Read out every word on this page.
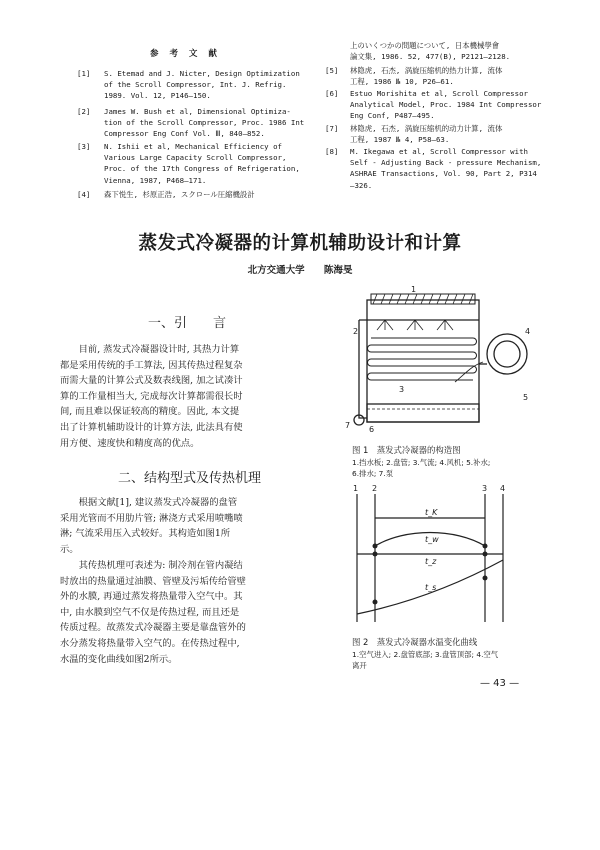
参 考 文 献
[1] S. Etemad and J. Nicter, Design Optimization
of the Scroll Compressor, Int. J. Refrig.
1989. Vol. 12, P146—150.
[2] James W. Bush et al, Dimensional Optimiza-
tion of the Scroll Compressor, Proc. 1986 Int
Compressor Eng Conf Vol. Ⅲ, 840—852.
[3] N. Ishii et al, Mechanical Efficiency of
Various Large Capacity Scroll Compressor,
Proc. of the 17th Congress of Refrigeration,
Vienna, 1987, P468—171.
[4] 森下悦生, 杉原正浩, スクロール圧縮機設計
上のいくつかの問題について, 日本機械學會
論文集, 1986. 52, 477(B), P2121—2128.
[5] 林隐虎, 石杰, 涡旋压缩机的热力计算, 流体
工程, 1986 № 10, P26—61.
[6] Estuo Morishita et al, Scroll Compressor
Analytical Model, Proc. 1984 Int Compressor
Eng Conf, P487—495.
[7] 林隐虎, 石杰, 涡旋压缩机的动力计算, 流体
工程, 1987 № 4, P58—63.
[8] M. Ikegawa et al, Scroll Compressor with
Self - Adjusting Back - pressure Mechanism,
ASHRAE Transactions, Vol. 90, Part 2, P314
—326.
蒸发式冷凝器的计算机辅助设计和计算
北方交通大学 陈海旻
一、引　　言
　　目前, 蒸发式冷凝器设计时, 其热力计算
都是采用传统的手工算法, 因其传热过程复杂
而需大量的计算公式及数表线图, 加之试凑计
算的工作量相当大, 完成每次计算都需很长时
间, 而且难以保证较高的精度。因此, 本文提
出了计算机辅助设计的计算方法, 此法具有使
用方便、速度快和精度高的优点。
二、结构型式及传热机理
　　根据文献[1], 建议蒸发式冷凝器的盘管
采用光管而不用肋片管; 淋浇方式采用喷嘴喷
淋; 气流采用压入式较好。其构造如图1所
示。
　　其传热机理可表述为: 制冷剂在管内凝结
时放出的热量通过油膜、管壁及污垢传给管壁
外的水膜, 再通过蒸发将热量带入空气中。其
中, 由水膜到空气不仅是传热过程, 而且还是
传质过程。故蒸发式冷凝器主要是靠盘管外的
水分蒸发将热量带入空气的。在传热过程中,
水温的变化曲线如图2所示。
1
2
3
4
5
6
7
图 1　蒸发式冷凝器的构造图
1.挡水板; 2.盘管; 3.气流; 4.风机; 5.补水;
6.排水; 7.泵
1 2	3 4
t_K
t_w
t_z
t_s
图 2　蒸发式冷凝器水温变化曲线
1.空气进入; 2.盘管底部; 3.盘管顶部; 4.空气
离开
— 43 —
